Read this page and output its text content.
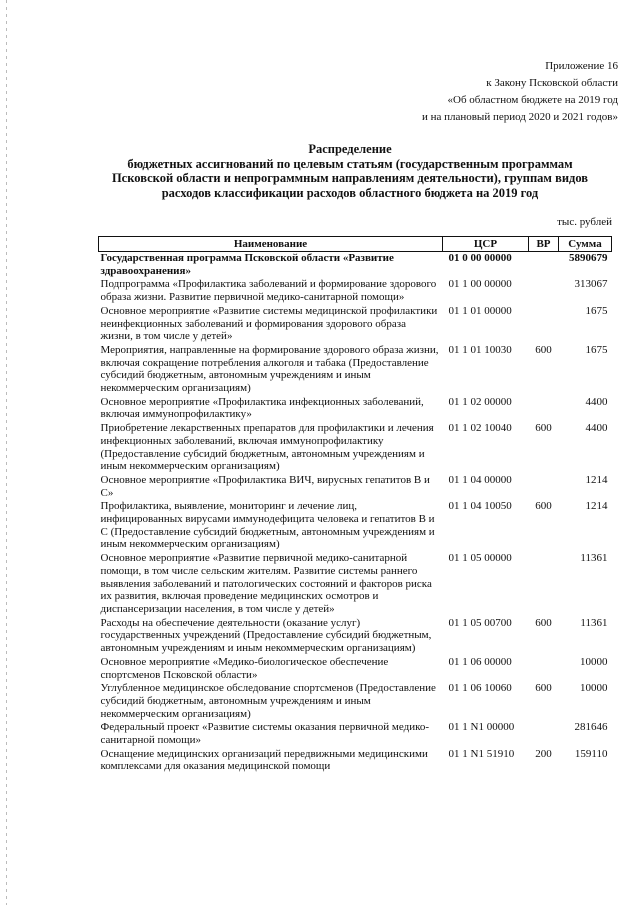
Приложение 16
к Закону Псковской области
«Об областном бюджете на 2019 год
и на плановый период 2020 и 2021 годов»
Распределение
бюджетных ассигнований по целевым статьям (государственным программам
Псковской области и непрограммным направлениям деятельности), группам видов
расходов классификации расходов областного бюджета на 2019 год
тыс. рублей
Наименование	ЦСР	ВР	Сумма
Государственная программа Псковской области «Развитие здравоохранения»	01 0 00 00000		5890679
Подпрограмма «Профилактика заболеваний и формирование здорового образа жизни. Развитие первичной медико-санитарной помощи»	01 1 00 00000		313067
Основное мероприятие «Развитие системы медицинской профилактики неинфекционных заболеваний и формирования здорового образа жизни, в том числе у детей»	01 1 01 00000		1675
Мероприятия, направленные на формирование здорового образа жизни, включая сокращение потребления алкоголя и табака (Предоставление субсидий бюджетным, автономным учреждениям и иным некоммерческим организациям)	01 1 01 10030	600	1675
Основное мероприятие «Профилактика инфекционных заболеваний, включая иммунопрофилактику»	01 1 02 00000		4400
Приобретение лекарственных препаратов для профилактики и лечения инфекционных заболеваний, включая иммунопрофилактику (Предоставление субсидий бюджетным, автономным учреждениям и иным некоммерческим организациям)	01 1 02 10040	600	4400
Основное мероприятие «Профилактика ВИЧ, вирусных гепатитов В и С»	01 1 04 00000		1214
Профилактика, выявление, мониторинг и лечение лиц, инфицированных вирусами иммунодефицита человека и гепатитов В и С (Предоставление субсидий бюджетным, автономным учреждениям и иным некоммерческим организациям)	01 1 04 10050	600	1214
Основное мероприятие «Развитие первичной медико-санитарной помощи, в том числе сельским жителям. Развитие системы раннего выявления заболеваний и патологических состояний и факторов риска их развития, включая проведение медицинских осмотров и диспансеризации населения, в том числе у детей»	01 1 05 00000		11361
Расходы на обеспечение деятельности (оказание услуг) государственных учреждений (Предоставление субсидий бюджетным, автономным учреждениям и иным некоммерческим организациям)	01 1 05 00700	600	11361
Основное мероприятие «Медико-биологическое обеспечение спортсменов Псковской области»	01 1 06 00000		10000
Углубленное медицинское обследование спортсменов (Предоставление субсидий бюджетным, автономным учреждениям и иным некоммерческим организациям)	01 1 06 10060	600	10000
Федеральный проект «Развитие системы оказания первичной медико-санитарной помощи»	01 1 N1 00000		281646
Оснащение медицинских организаций передвижными медицинскими комплексами для оказания медицинской помощи	01 1 N1 51910	200	159110
